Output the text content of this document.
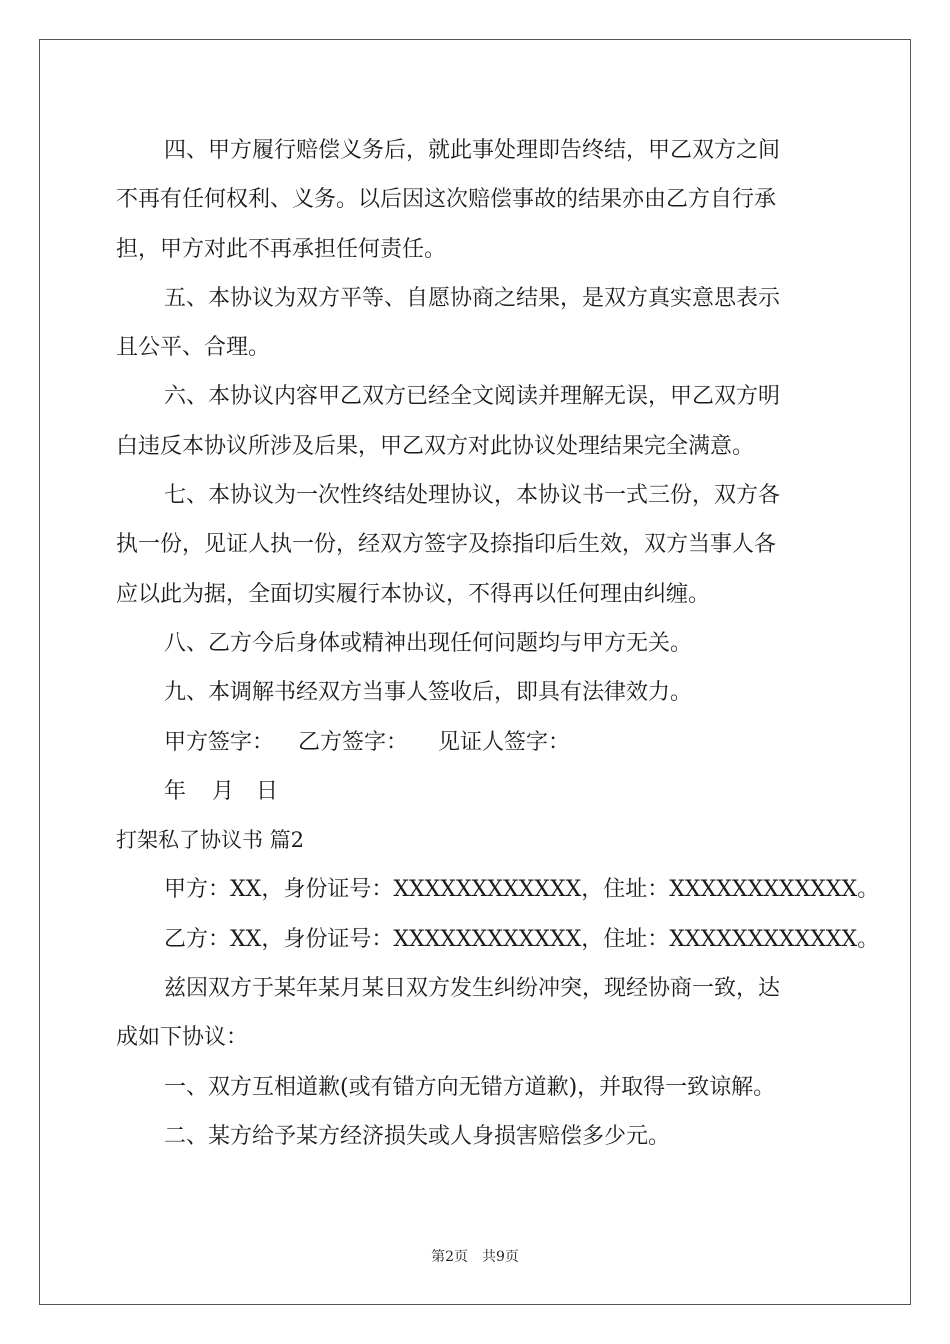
四、甲方履行赔偿义务后，就此事处理即告终结，甲乙双方之间
不再有任何权利、义务。以后因这次赔偿事故的结果亦由乙方自行承
担，甲方对此不再承担任何责任。
五、本协议为双方平等、自愿协商之结果，是双方真实意思表示
且公平、合理。
六、本协议内容甲乙双方已经全文阅读并理解无误，甲乙双方明
白违反本协议所涉及后果，甲乙双方对此协议处理结果完全满意。
七、本协议为一次性终结处理协议，本协议书一式三份，双方各
执一份，见证人执一份，经双方签字及捺指印后生效，双方当事人各
应以此为据，全面切实履行本协议，不得再以任何理由纠缠。
八、乙方今后身体或精神出现任何问题均与甲方无关。
九、本调解书经双方当事人签收后，即具有法律效力。
甲方签字： 乙方签字： 见证人签字：
年 月 日
打架私了协议书 篇2
甲方：XX，身份证号：XXXXXXXXXXXX，住址：XXXXXXXXXXXX。
乙方：XX，身份证号：XXXXXXXXXXXX，住址：XXXXXXXXXXXX。
兹因双方于某年某月某日双方发生纠纷冲突，现经协商一致，达
成如下协议：
一、双方互相道歉(或有错方向无错方道歉)，并取得一致谅解。
二、某方给予某方经济损失或人身损害赔偿多少元。
第2页 共9页
